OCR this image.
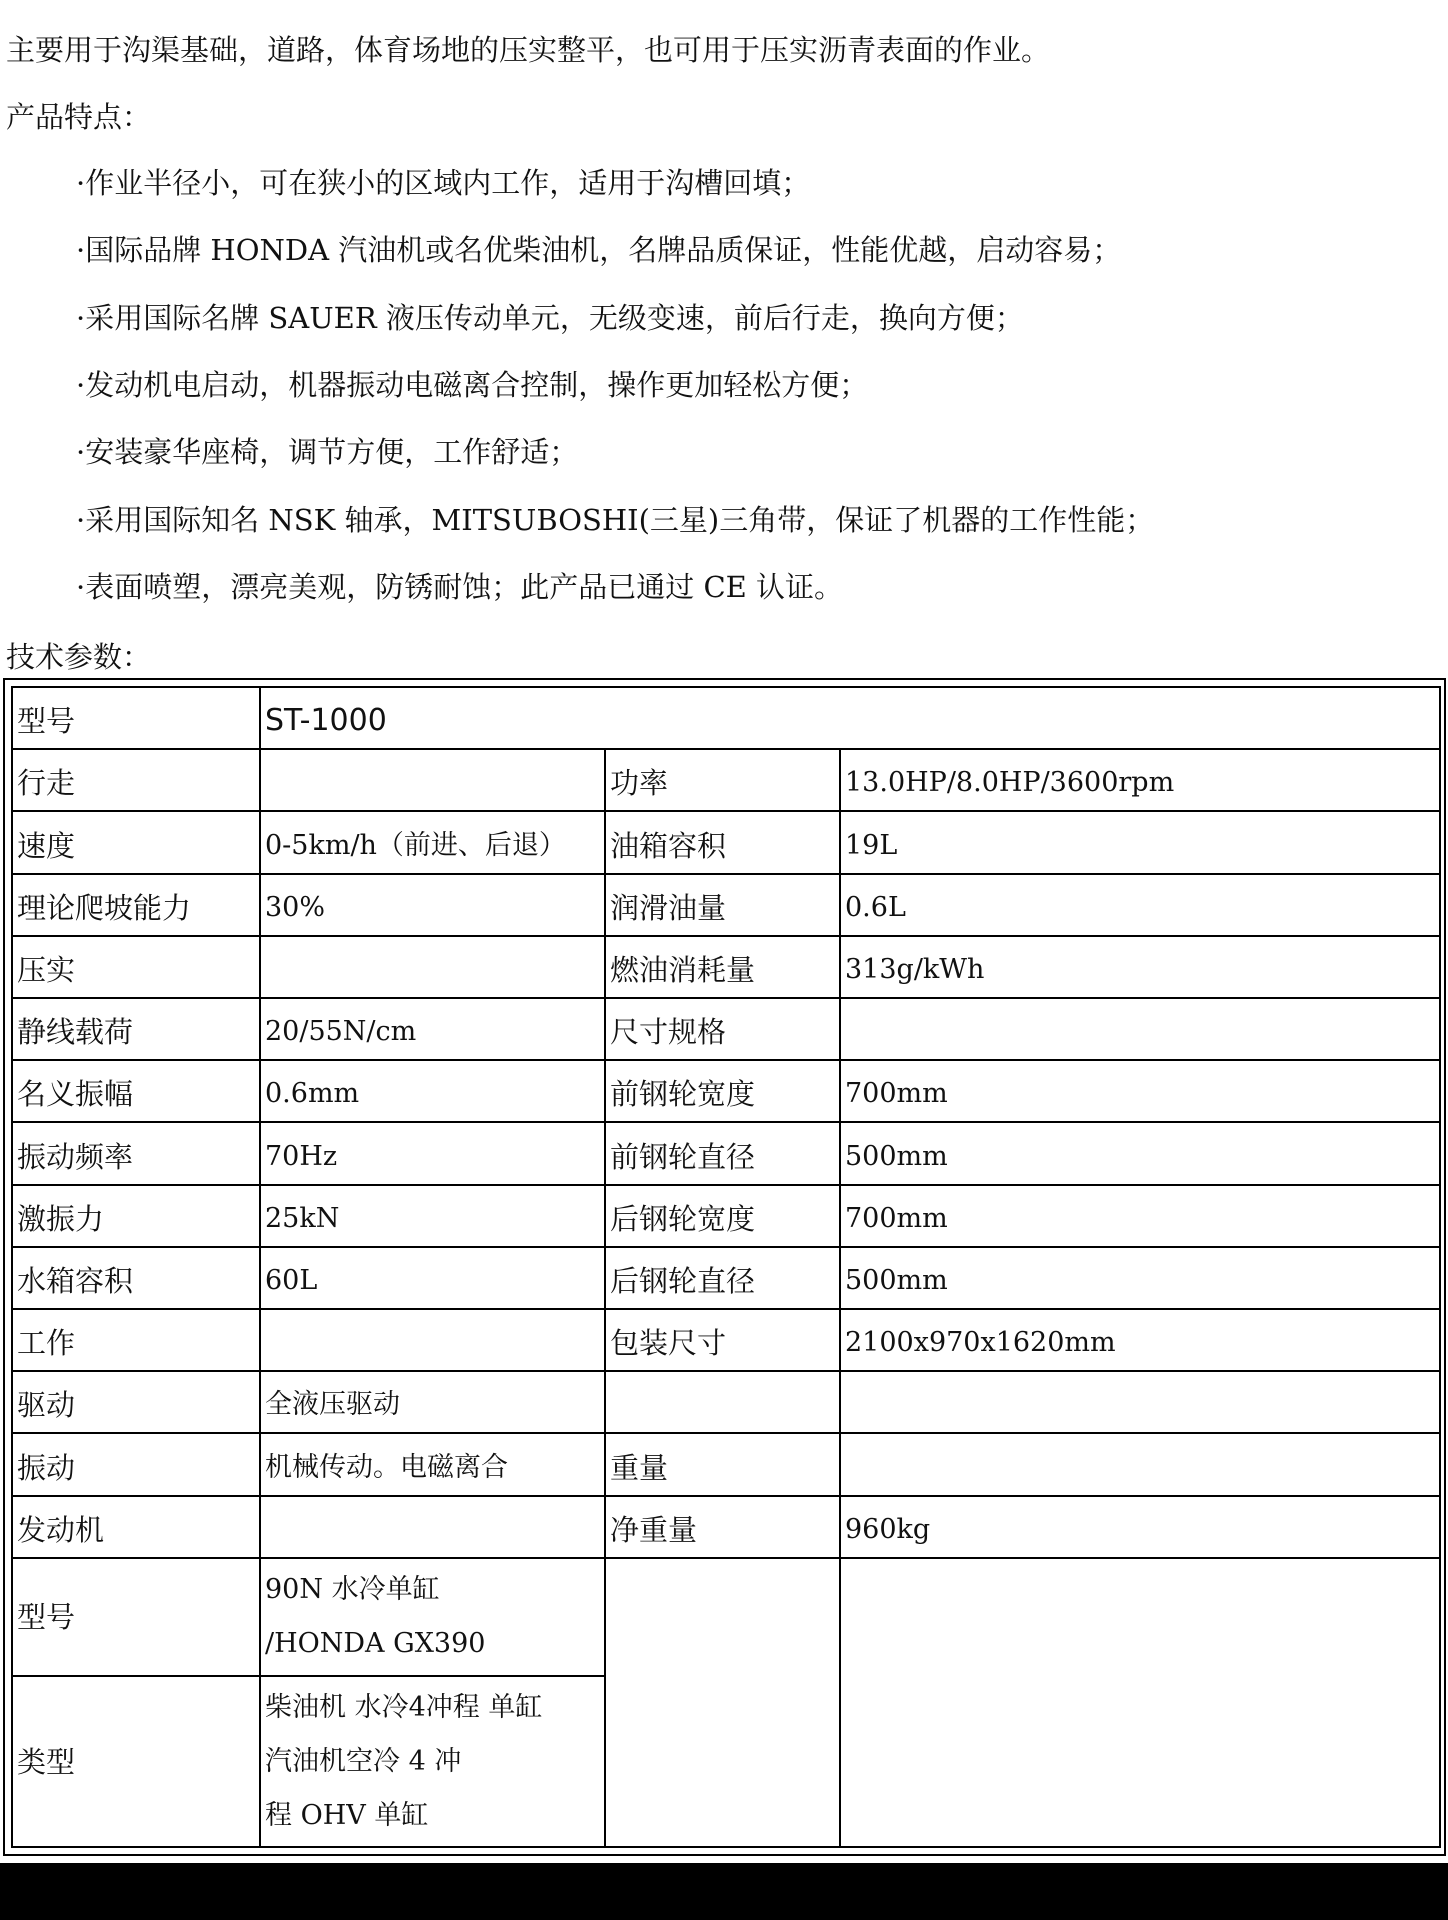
主要用于沟渠基础，道路，体育场地的压实整平，也可用于压实沥青表面的作业。

产品特点：

·作业半径小，可在狭小的区域内工作，适用于沟槽回填；

·国际品牌 HONDA 汽油机或名优柴油机，名牌品质保证，性能优越，启动容易；

·采用国际名牌 SAUER 液压传动单元，无级变速，前后行走，换向方便；

·发动机电启动，机器振动电磁离合控制，操作更加轻松方便；

·安装豪华座椅，调节方便，工作舒适；

·采用国际知名 NSK 轴承，MITSUBOSHI(三星)三角带，保证了机器的工作性能；

·表面喷塑，漂亮美观，防锈耐蚀；此产品已通过 CE 认证。

技术参数：

型号	ST-1000		
行走		功率	13.0HP/8.0HP/3600rpm
速度	0-5km/h（前进、后退）	油箱容积	19L
理论爬坡能力	30%	润滑油量	0.6L
压实		燃油消耗量	313g/kWh
静线载荷	20/55N/cm	尺寸规格	
名义振幅	0.6mm	前钢轮宽度	700mm
振动频率	70Hz	前钢轮直径	500mm
激振力	25kN	后钢轮宽度	700mm
水箱容积	60L	后钢轮直径	500mm
工作		包装尺寸	2100x970x1620mm
驱动	全液压驱动		
振动	机械传动。电磁离合	重量	
发动机		净重量	960kg
型号	90N 水冷单缸
/HONDA GX390		

类型	柴油机 水冷4冲程 单缸
汽油机空冷 4 冲
程 OHV 单缸		
